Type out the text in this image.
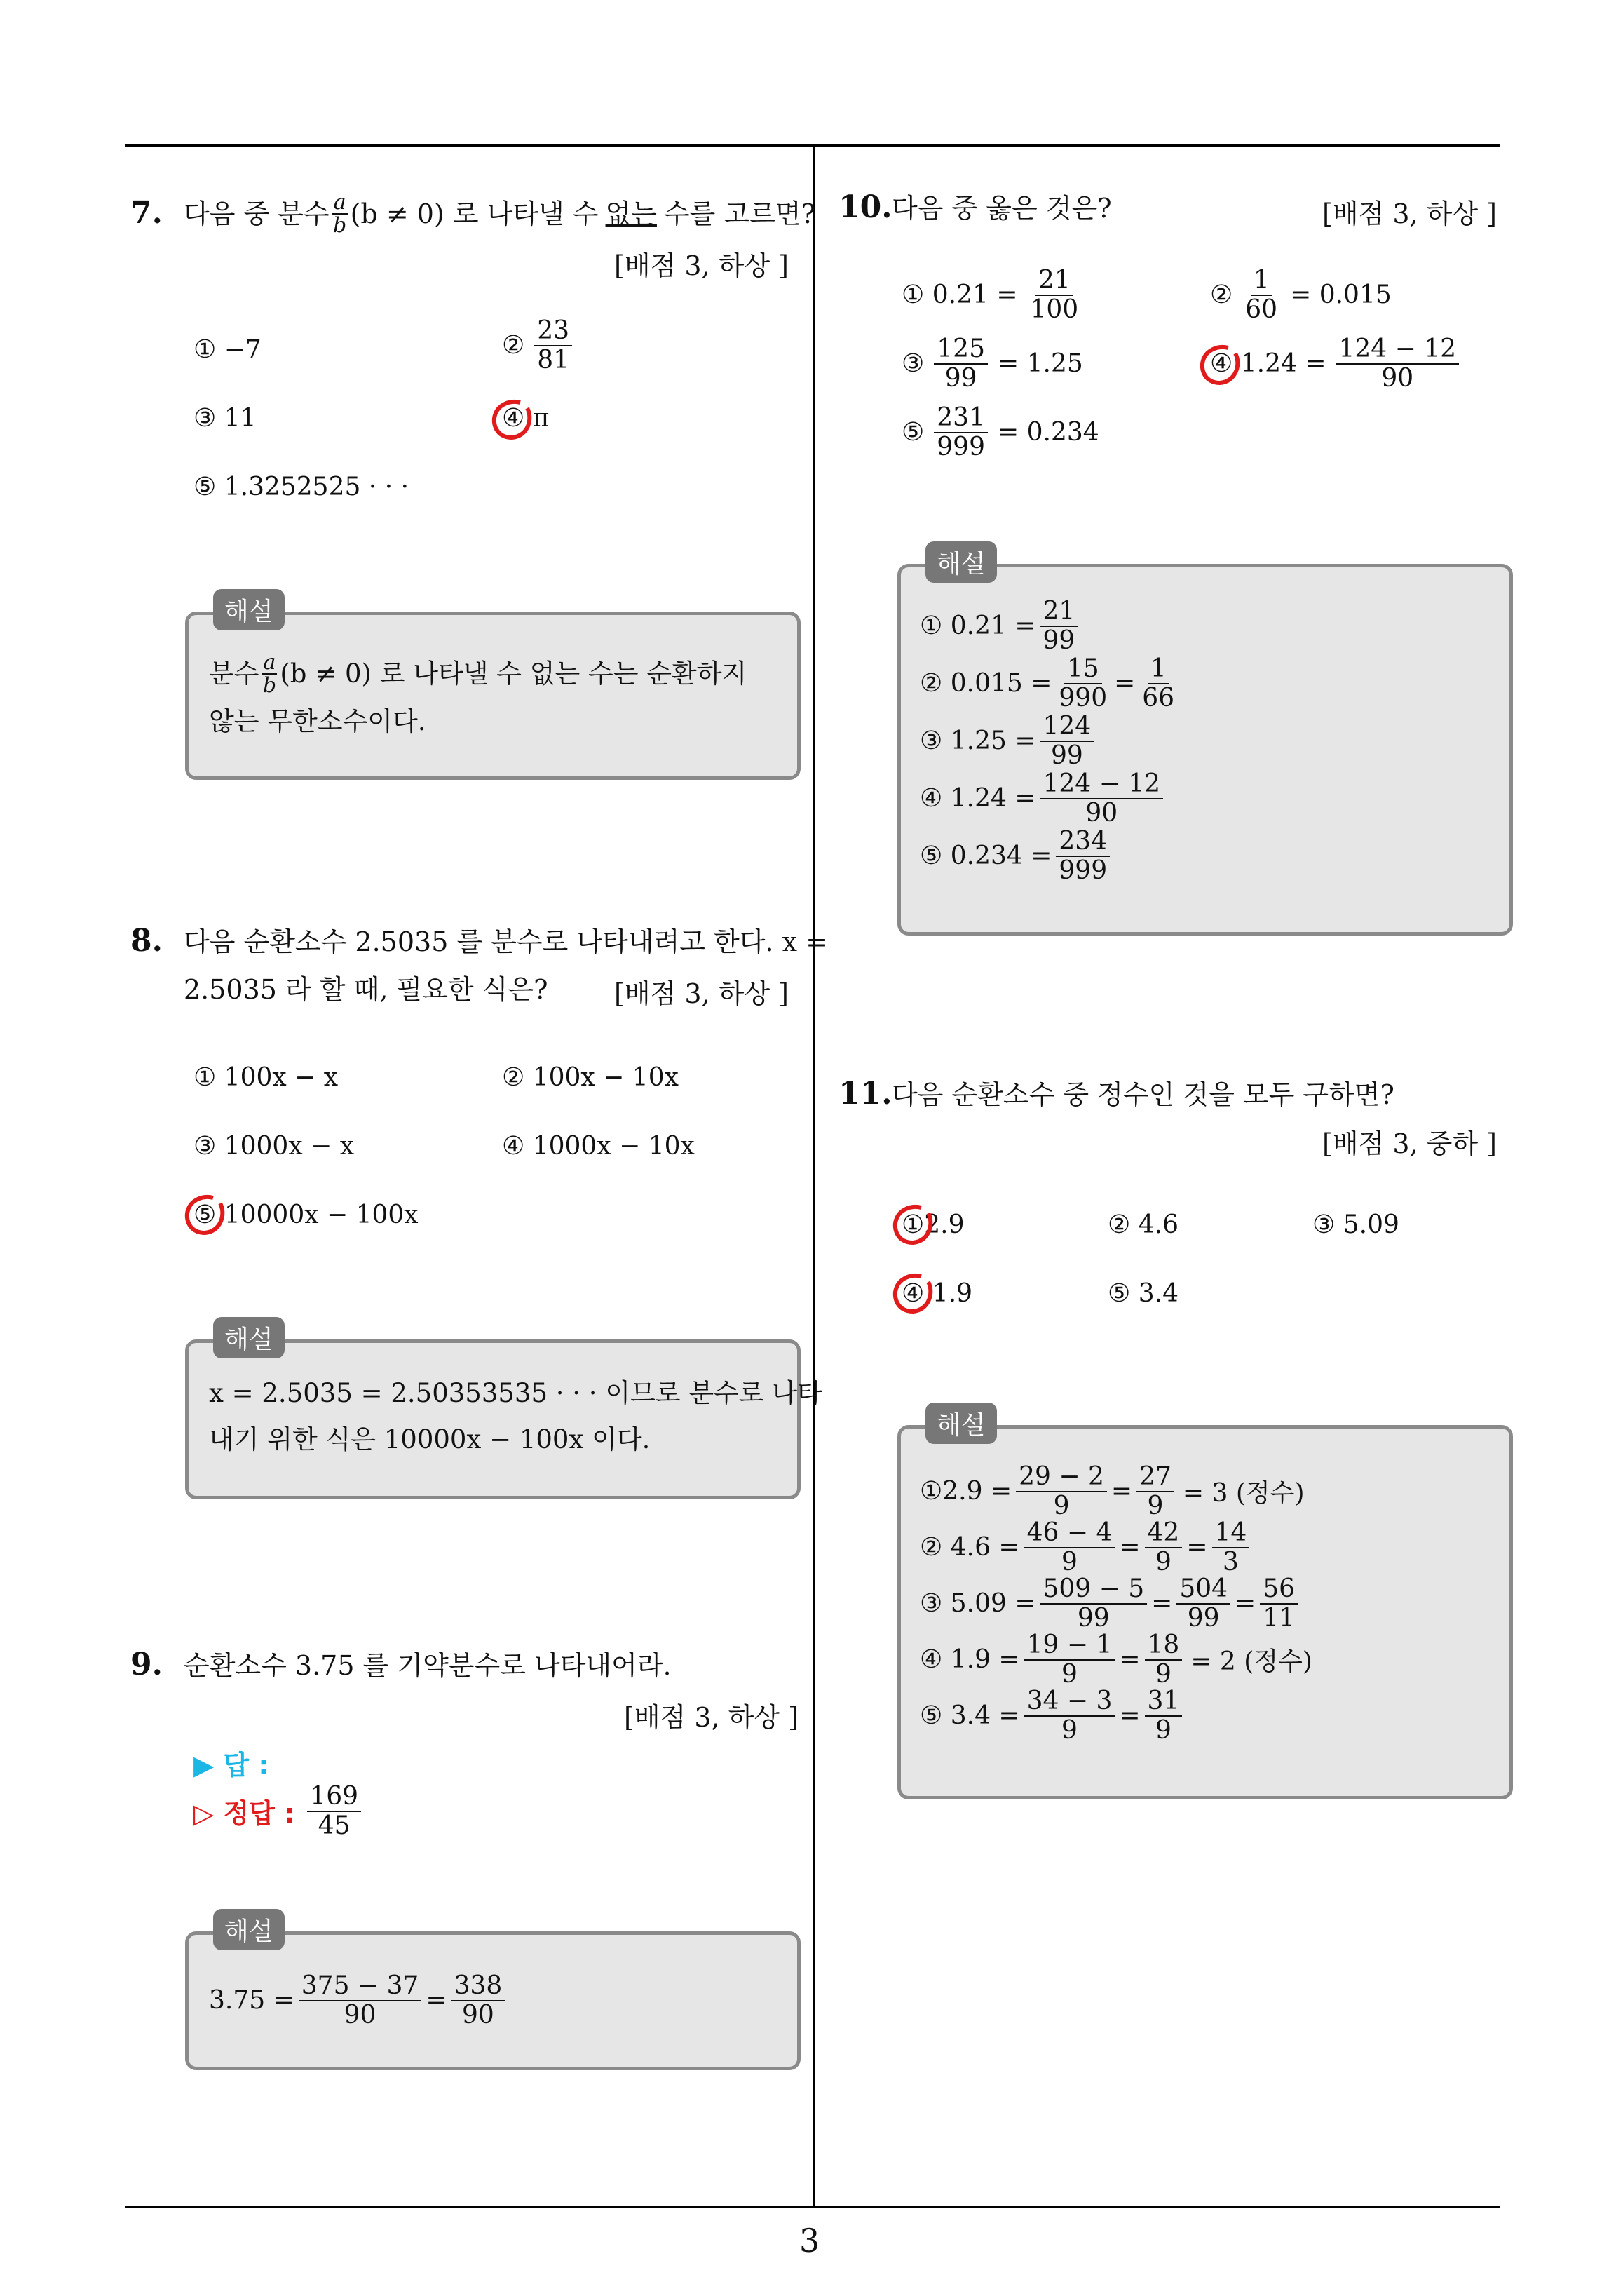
3
7. 다음 중 분수 $\frac{a}{b} (b \ne 0)$ 로 나타낼 수 없는 수를 고르면?
[배점 3, 하상 ]
① −7	② $\frac{23}{81}$
③ 11	④ π
⑤ 1.3252525 · · ·
해설
분수 $\frac{a}{b} (b \ne 0)$ 로 나타낼 수 없는 수는 순환하지
않는 무한소수이다.
8. 다음 순환소수 2.5035 를 분수로 나타내려고 한다. x =
2.5035 라 할 때, 필요한 식은? [배점 3, 하상 ]
① 100x − x	② 100x − 10x
③ 1000x − x	④ 1000x − 10x
⑤ 10000x − 100x
해설
x = 2.5035 = 2.50353535 · · · 이므로 분수로 나타
내기 위한 식은 10000x − 100x 이다.
9. 순환소수 3.75 를 기약분수로 나타내어라.
[배점 3, 하상 ]
▶ 답 :
▷ 정답 : $\frac{169}{45}$
해설
$3.75 = \frac{375 - 37}{90} = \frac{338}{90}$
10. 다음 중 옳은 것은?	[배점 3, 하상 ]
① $0.21 = \frac{21}{100}$	② $\frac{1}{60} = 0.015$
③ $\frac{125}{99} = 1.25$	④ $1.24 = \frac{124 - 12}{90}$
⑤ $\frac{231}{999} = 0.234$
해설
① $0.21 = \frac{21}{99}$
② $0.015 = \frac{15}{990} = \frac{1}{66}$
③ $1.25 = \frac{124}{99}$
④ $1.24 = \frac{124 - 12}{90}$
⑤ $0.234 = \frac{234}{999}$
11. 다음 순환소수 중 정수인 것을 모두 구하면?
[배점 3, 중하 ]
①2.9	② 4.6	③ 5.09
④ 1.9	⑤ 3.4
해설
①2.9 = $\frac{29 - 2}{9} = \frac{27}{9} = 3$ (정수)
② $4.6 = \frac{46 - 4}{9} = \frac{42}{9} = \frac{14}{3}$
③ $5.09 = \frac{509 - 5}{99} = \frac{504}{99} = \frac{56}{11}$
④ $1.9 = \frac{19 - 1}{9} = \frac{18}{9} = 2$ (정수)
⑤ $3.4 = \frac{34 - 3}{9} = \frac{31}{9}$
